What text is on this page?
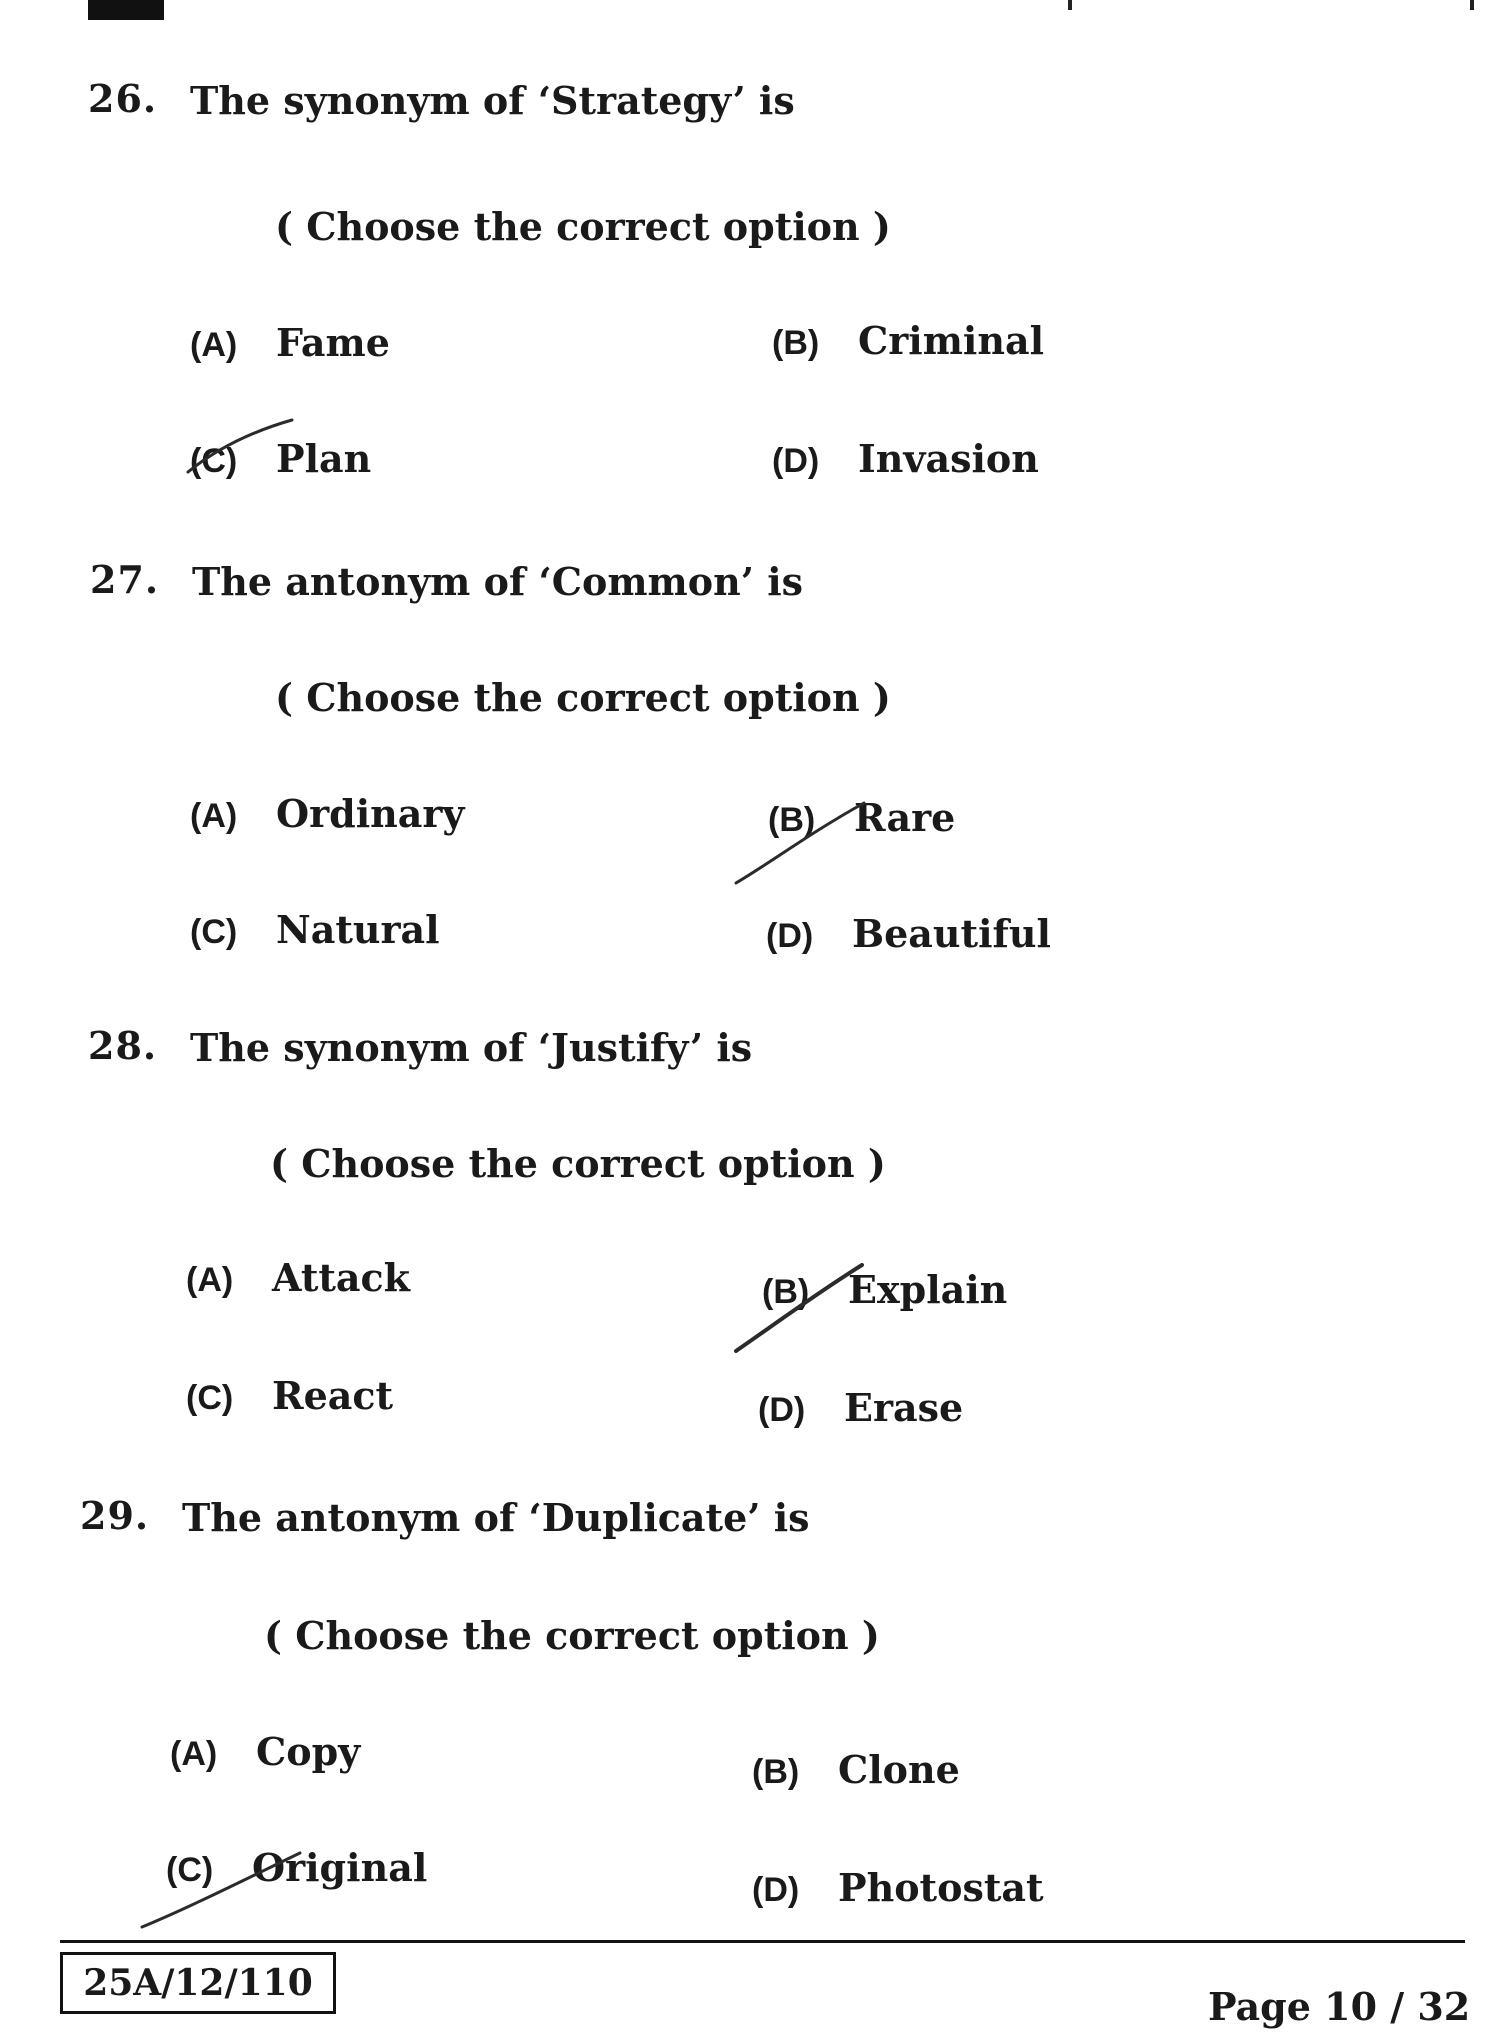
26. The synonym of ‘Strategy’ is
( Choose the correct option )
(A) Fame	(B) Criminal
(C) Plan	(D) Invasion
27. The antonym of ‘Common’ is
( Choose the correct option )
(A) Ordinary	(B) Rare
(C) Natural	(D) Beautiful
28. The synonym of ‘Justify’ is
( Choose the correct option )
(A) Attack	(B) Explain
(C) React	(D) Erase
29. The antonym of ‘Duplicate’ is
( Choose the correct option )
(A) Copy	(B) Clone
(C) Original	(D) Photostat
25A/12/110
Page 10 / 32
